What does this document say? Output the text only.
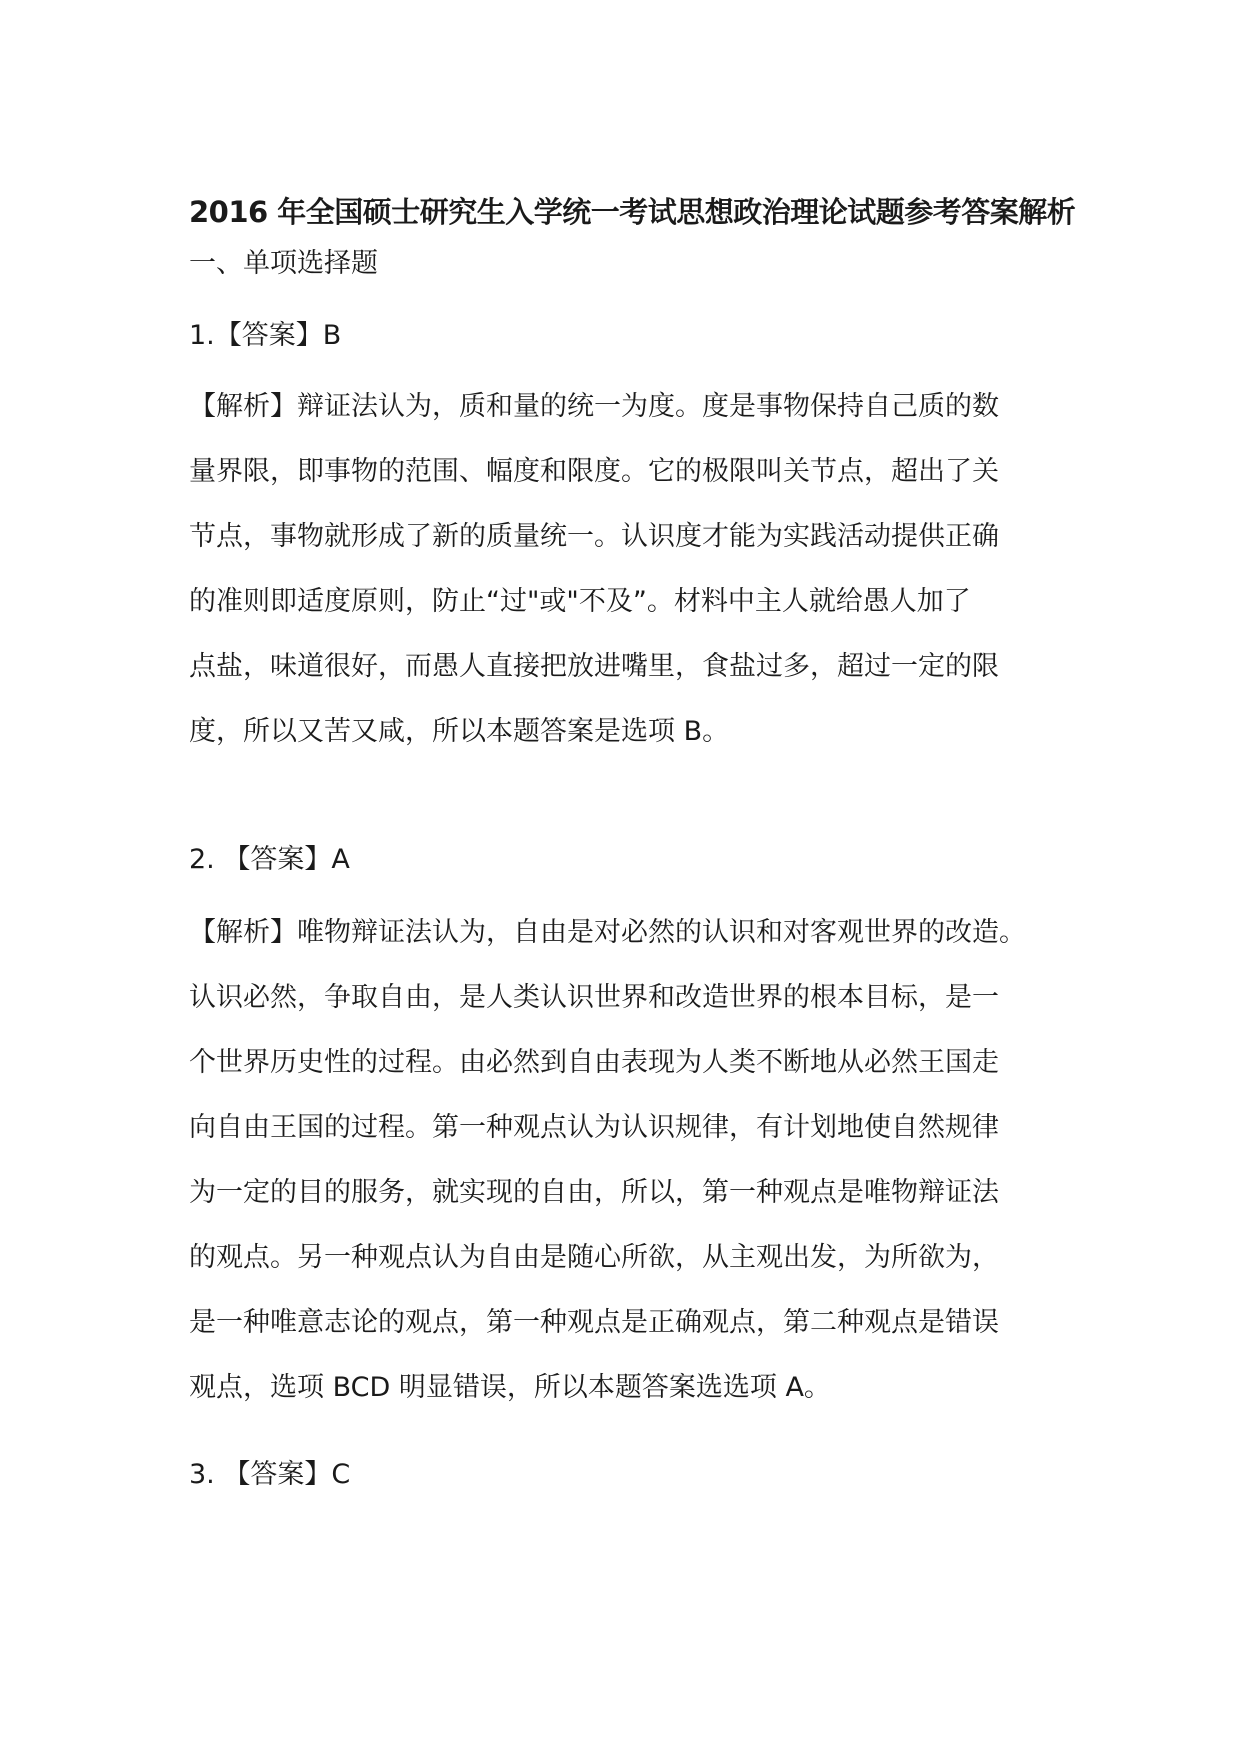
2016 年全国硕士研究生入学统一考试思想政治理论试题参考答案解析
一、单项选择题
1.【答案】B
【解析】辩证法认为，质和量的统一为度。度是事物保持自己质的数
量界限，即事物的范围、幅度和限度。它的极限叫关节点，超出了关
节点，事物就形成了新的质量统一。认识度才能为实践活动提供正确
的准则即适度原则，防止“过"或"不及”。材料中主人就给愚人加了
点盐，味道很好，而愚人直接把放进嘴里，食盐过多，超过一定的限
度，所以又苦又咸，所以本题答案是选项 B。
2. 【答案】A
【解析】唯物辩证法认为，自由是对必然的认识和对客观世界的改造。
认识必然，争取自由，是人类认识世界和改造世界的根本目标，是一
个世界历史性的过程。由必然到自由表现为人类不断地从必然王国走
向自由王国的过程。第一种观点认为认识规律，有计划地使自然规律
为一定的目的服务，就实现的自由，所以，第一种观点是唯物辩证法
的观点。另一种观点认为自由是随心所欲，从主观出发，为所欲为，
是一种唯意志论的观点，第一种观点是正确观点，第二种观点是错误
观点，选项 BCD 明显错误，所以本题答案选选项 A。
3. 【答案】C
